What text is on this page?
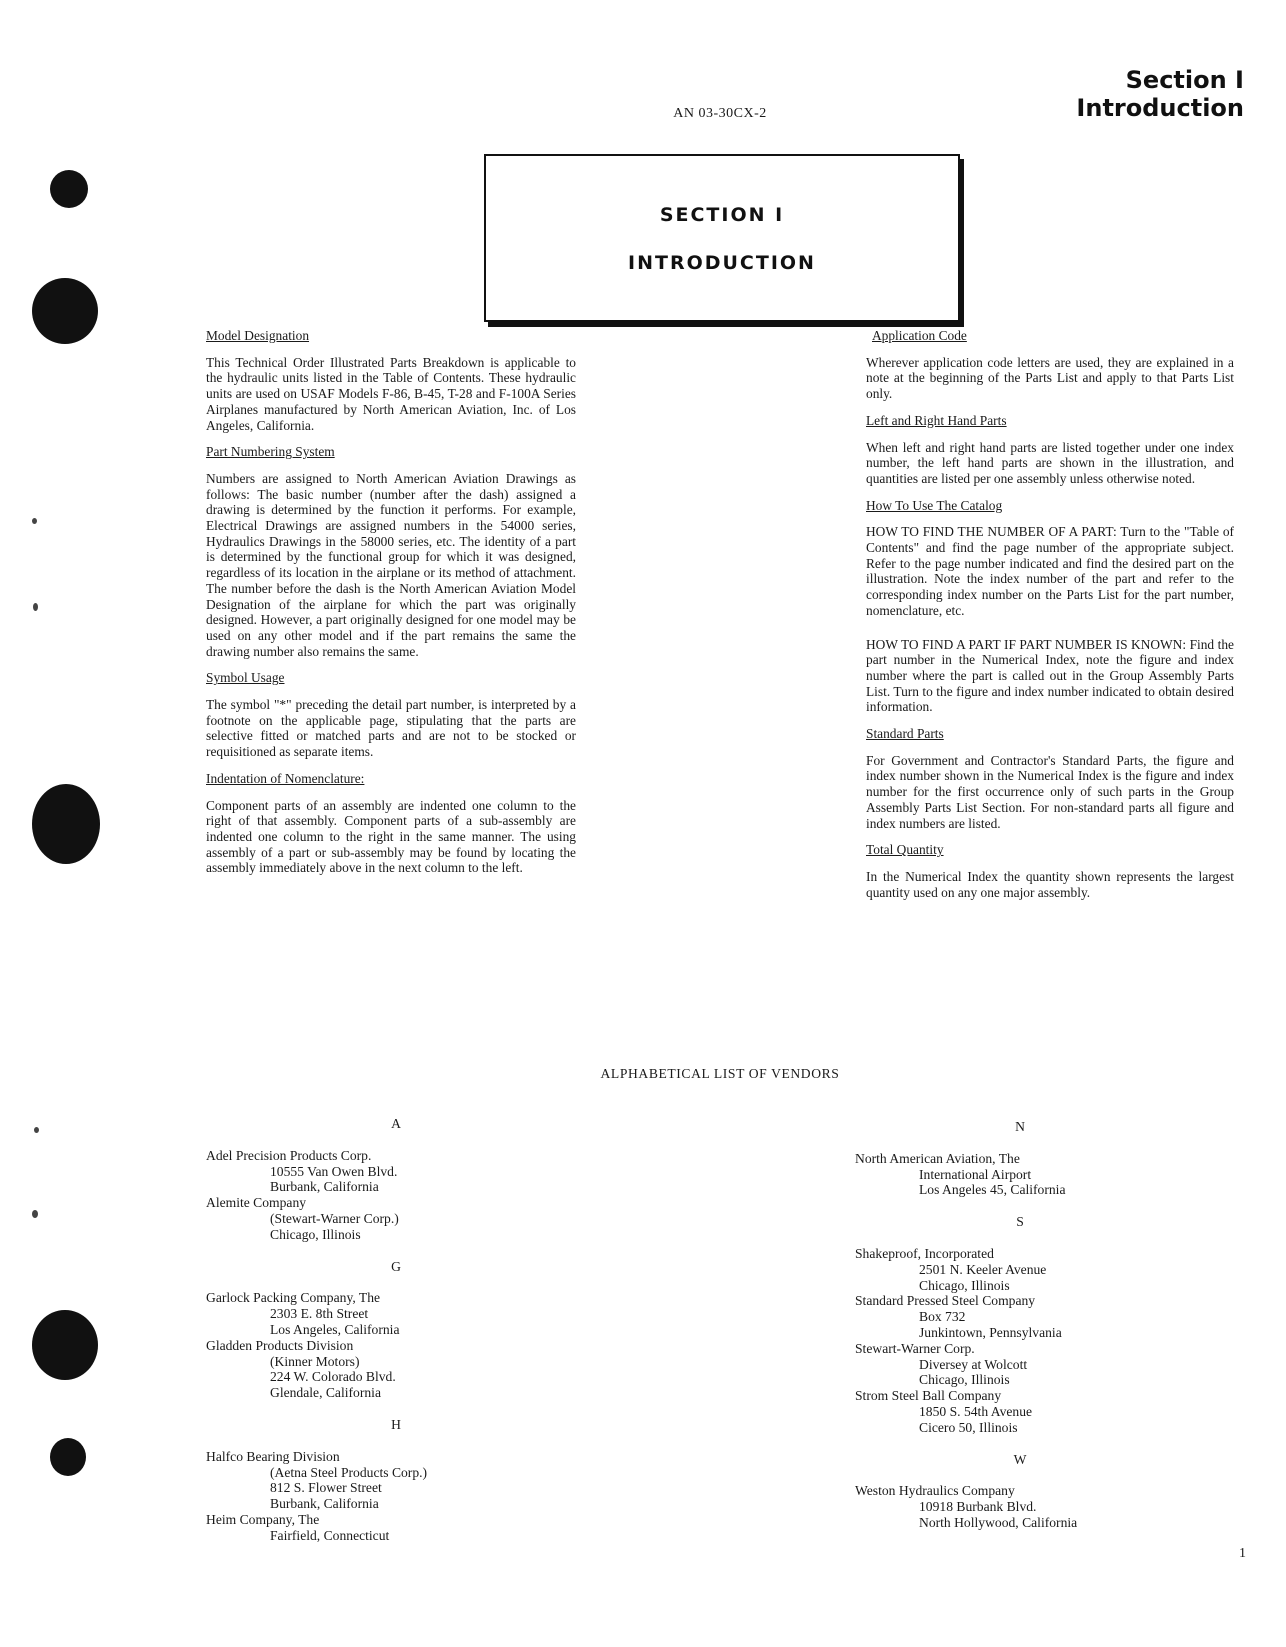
Section I
Introduction
AN 03-30CX-2
SECTION I
INTRODUCTION

Model Designation

This Technical Order Illustrated Parts Breakdown is applicable to the hydraulic units listed in the Table of Contents. These hydraulic units are used on USAF Models F-86, B-45, T-28 and F-100A Series Airplanes manufactured by North American Aviation, Inc. of Los Angeles, California.

Part Numbering System

Numbers are assigned to North American Aviation Drawings as follows: The basic number (number after the dash) assigned a drawing is determined by the function it performs. For example, Electrical Drawings are assigned numbers in the 54000 series, Hydraulics Drawings in the 58000 series, etc. The identity of a part is determined by the functional group for which it was designed, regardless of its location in the airplane or its method of attachment. The number before the dash is the North American Aviation Model Designation of the airplane for which the part was originally designed. However, a part originally designed for one model may be used on any other model and if the part remains the same the drawing number also remains the same.

Symbol Usage

The symbol "*" preceding the detail part number, is interpreted by a footnote on the applicable page, stipulating that the parts are selective fitted or matched parts and are not to be stocked or requisitioned as separate items.

Indentation of Nomenclature:

Component parts of an assembly are indented one column to the right of that assembly. Component parts of a sub-assembly are indented one column to the right in the same manner. The using assembly of a part or sub-assembly may be found by locating the assembly immediately above in the next column to the left.

Application Code

Wherever application code letters are used, they are explained in a note at the beginning of the Parts List and apply to that Parts List only.

Left and Right Hand Parts

When left and right hand parts are listed together under one index number, the left hand parts are shown in the illustration, and quantities are listed per one assembly unless otherwise noted.

How To Use The Catalog

HOW TO FIND THE NUMBER OF A PART: Turn to the "Table of Contents" and find the page number of the appropriate subject. Refer to the page number indicated and find the desired part on the illustration. Note the index number of the part and refer to the corresponding index number on the Parts List for the part number, nomenclature, etc.

HOW TO FIND A PART IF PART NUMBER IS KNOWN: Find the part number in the Numerical Index, note the figure and index number where the part is called out in the Group Assembly Parts List. Turn to the figure and index number indicated to obtain desired information.

Standard Parts

For Government and Contractor's Standard Parts, the figure and index number shown in the Numerical Index is the figure and index number for the first occurrence only of such parts in the Group Assembly Parts List Section. For non-standard parts all figure and index numbers are listed.

Total Quantity

In the Numerical Index the quantity shown represents the largest quantity used on any one major assembly.

ALPHABETICAL LIST OF VENDORS
A

Adel Precision Products Corp.

10555 Van Owen Blvd.

Burbank, California

Alemite Company

(Stewart-Warner Corp.)

Chicago, Illinois

G

Garlock Packing Company, The

2303 E. 8th Street

Los Angeles, California

Gladden Products Division

(Kinner Motors)

224 W. Colorado Blvd.

Glendale, California

H

Halfco Bearing Division

(Aetna Steel Products Corp.)

812 S. Flower Street

Burbank, California

Heim Company, The

Fairfield, Connecticut

N

North American Aviation, The

International Airport

Los Angeles 45, California

S

Shakeproof, Incorporated

2501 N. Keeler Avenue

Chicago, Illinois

Standard Pressed Steel Company

Box 732

Junkintown, Pennsylvania

Stewart-Warner Corp.

Diversey at Wolcott

Chicago, Illinois

Strom Steel Ball Company

1850 S. 54th Avenue

Cicero 50, Illinois

W

Weston Hydraulics Company

10918 Burbank Blvd.

North Hollywood, California

1
